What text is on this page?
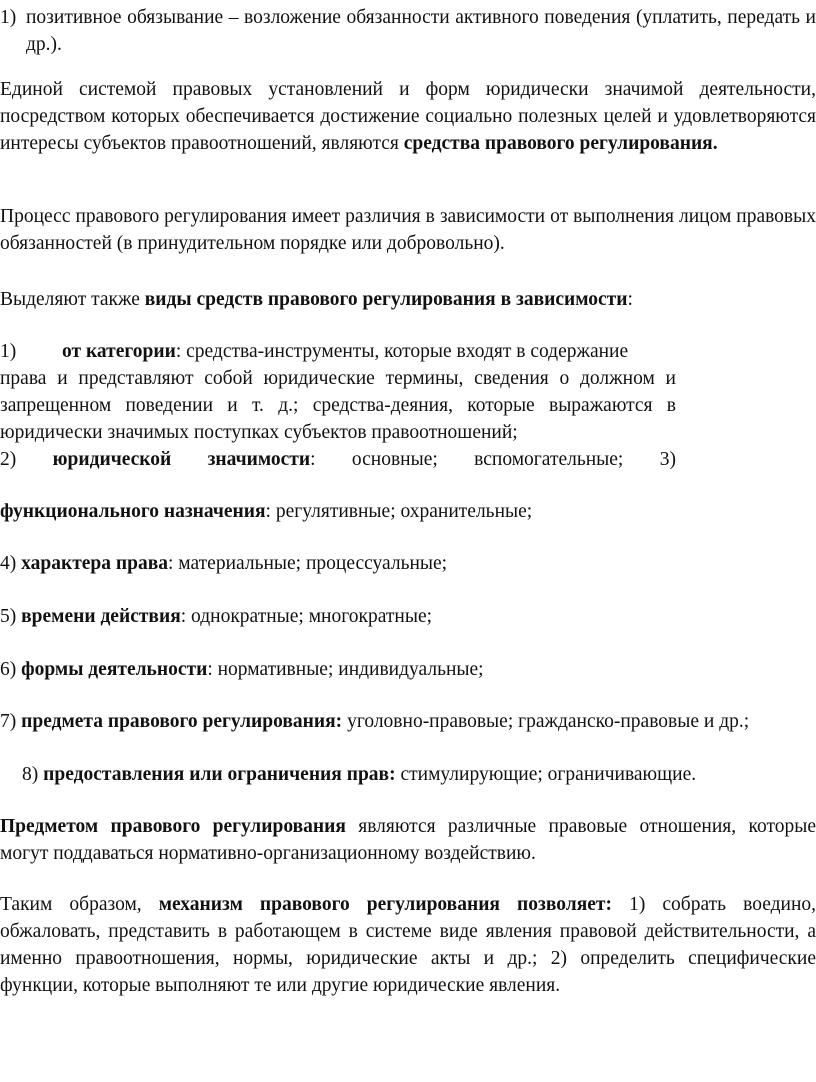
1) позитивное обязывание – возложение обязанности активного поведения (уплатить, передать и др.).

Единой системой правовых установлений и форм юридически значимой деятельности, посредством которых обеспечивается достижение социально полезных целей и удовлетворяются интересы субъектов правоотношений, являются средства правового регулирования.

Процесс правового регулирования имеет различия в зависимости от выполнения лицом правовых обязанностей (в принудительном порядке или добровольно).

Выделяют также виды средств правового регулирования в зависимости:

1) от категории: средства-инструменты, которые входят в содержание
права и представляют собой юридические термины, сведения о должном и запрещенном поведении и т. д.; средства-деяния, которые выражаются в юридически значимых поступках субъектов правоотношений;
2) юридической значимости: основные; вспомогательные; 3)
функционального назначения: регулятивные; охранительные;
4) характера права: материальные; процессуальные;
5) времени действия: однократные; многократные;
6) формы деятельности: нормативные; индивидуальные;
7) предмета правового регулирования: уголовно-правовые; гражданско-правовые и др.;
8) предоставления или ограничения прав: стимулирующие; ограничивающие.

Предметом правового регулирования являются различные правовые отношения, которые могут поддаваться нормативно-организационному воздействию.

Таким образом, механизм правового регулирования позволяет: 1) собрать воедино, обжаловать, представить в работающем в системе виде явления правовой действительности, а именно правоотношения, нормы, юридические акты и др.; 2) определить специфические функции, которые выполняют те или другие юридические явления.
